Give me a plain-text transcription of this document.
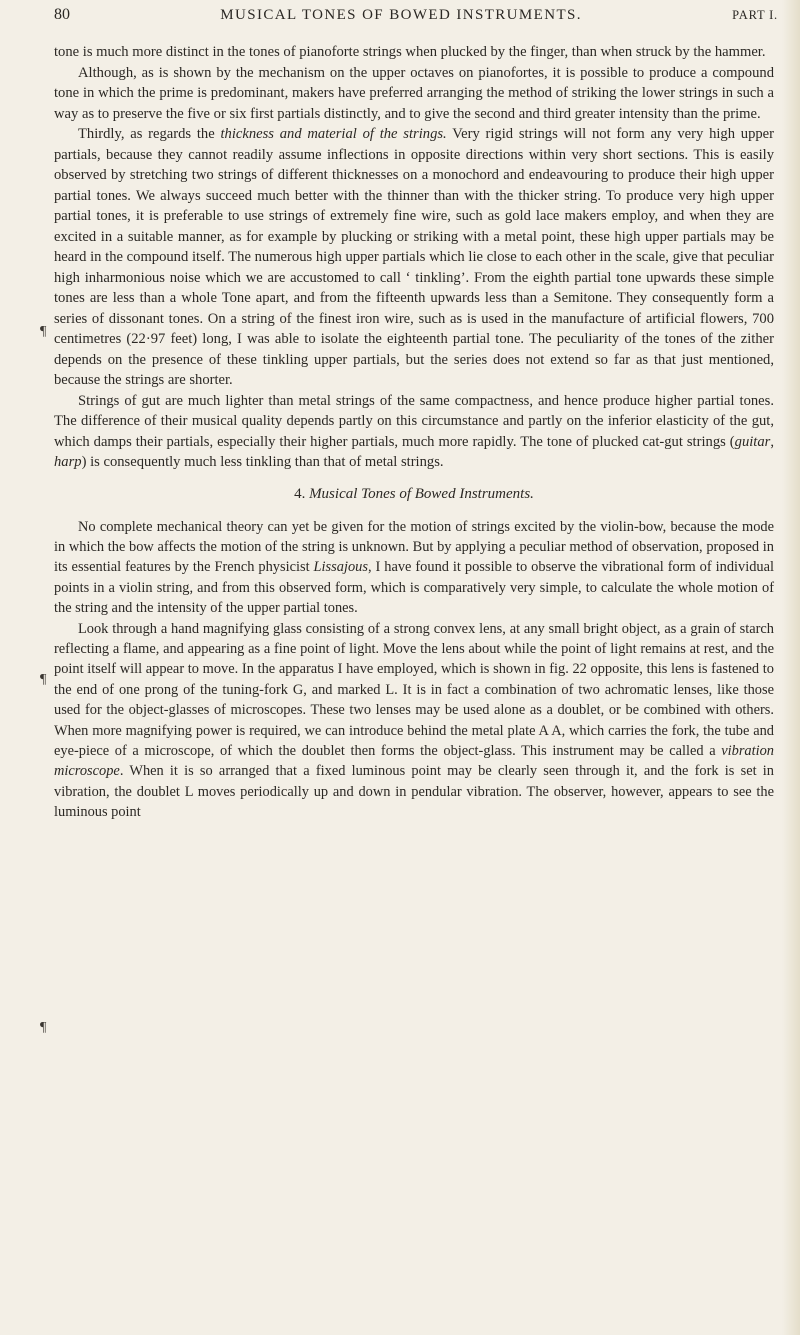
80	MUSICAL TONES OF BOWED INSTRUMENTS.	PART I.

tone is much more distinct in the tones of pianoforte strings when plucked by the finger, than when struck by the hammer.

Although, as is shown by the mechanism on the upper octaves on pianofortes, it is possible to produce a compound tone in which the prime is predominant, makers have preferred arranging the method of striking the lower strings in such a way as to preserve the five or six first partials distinctly, and to give the second and third greater intensity than the prime.

Thirdly, as regards the thickness and material of the strings. Very rigid strings will not form any very high upper partials, because they cannot readily assume inflections in opposite directions within very short sections. This is easily observed by stretching two strings of different thicknesses on a monochord and endeavouring to produce their high upper partial tones. We always succeed much better with the thinner than with the thicker string. To produce very high upper partial tones, it is preferable to use strings of extremely fine wire, such as gold lace makers employ, and when they are excited in a suitable manner, as for example by plucking or striking with a metal point, these high upper partials may be heard in the compound itself. The numerous high upper partials which lie close to each other in the scale, give that peculiar high inharmonious noise which we are accustomed to call ‘ tinkling’. From the eighth partial tone upwards these simple tones are less than a whole Tone apart, and from the fifteenth upwards less than a Semitone. They consequently form a series of dissonant tones. On a string of the finest iron wire, such as is used in the manufacture of artificial flowers, 700 centimetres (22·97 feet) long, I was able to isolate the eighteenth partial tone. The peculiarity of the tones of the zither depends on the presence of these tinkling upper partials, but the series does not extend so far as that just mentioned, because the strings are shorter.

Strings of gut are much lighter than metal strings of the same compactness, and hence produce higher partial tones. The difference of their musical quality depends partly on this circumstance and partly on the inferior elasticity of the gut, which damps their partials, especially their higher partials, much more rapidly. The tone of plucked cat-gut strings (guitar, harp) is consequently much less tinkling than that of metal strings.

4. Musical Tones of Bowed Instruments.

No complete mechanical theory can yet be given for the motion of strings excited by the violin-bow, because the mode in which the bow affects the motion of the string is unknown. But by applying a peculiar method of observation, proposed in its essential features by the French physicist Lissajous, I have found it possible to observe the vibrational form of individual points in a violin string, and from this observed form, which is comparatively very simple, to calculate the whole motion of the string and the intensity of the upper partial tones.

Look through a hand magnifying glass consisting of a strong convex lens, at any small bright object, as a grain of starch reflecting a flame, and appearing as a fine point of light. Move the lens about while the point of light remains at rest, and the point itself will appear to move. In the apparatus I have employed, which is shown in fig. 22 opposite, this lens is fastened to the end of one prong of the tuning-fork G, and marked L. It is in fact a combination of two achromatic lenses, like those used for the object-glasses of microscopes. These two lenses may be used alone as a doublet, or be combined with others. When more magnifying power is required, we can introduce behind the metal plate A A, which carries the fork, the tube and eye-piece of a microscope, of which the doublet then forms the object-glass. This instrument may be called a vibration microscope. When it is so arranged that a fixed luminous point may be clearly seen through it, and the fork is set in vibration, the doublet L moves periodically up and down in pendular vibration. The observer, however, appears to see the luminous point

¶
¶
¶
